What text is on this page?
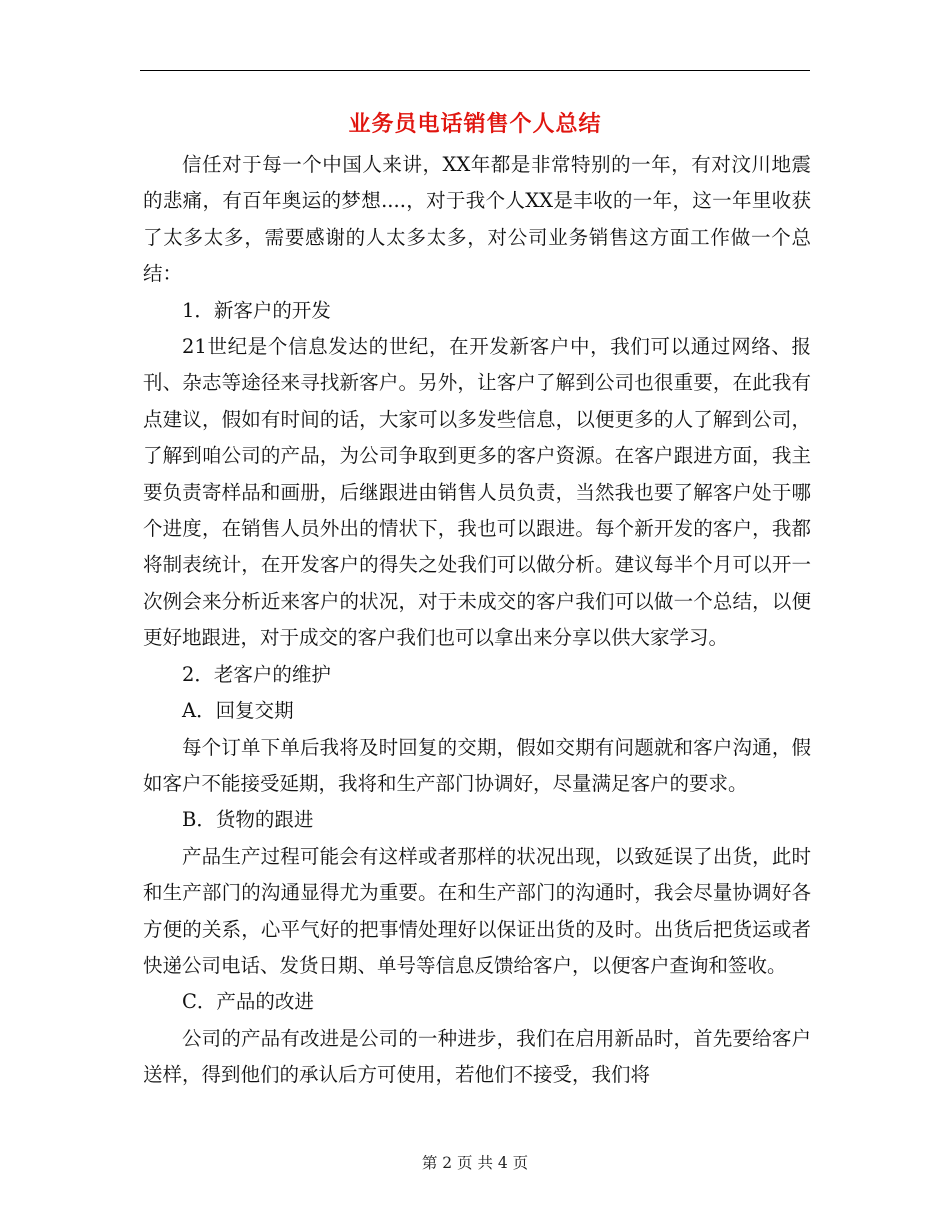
业务员电话销售个人总结

信任对于每一个中国人来讲，XX年都是非常特别的一年，有对汶川地震的悲痛，有百年奥运的梦想....，对于我个人XX是丰收的一年，这一年里收获了太多太多，需要感谢的人太多太多，对公司业务销售这方面工作做一个总结：

1．新客户的开发

21世纪是个信息发达的世纪，在开发新客户中，我们可以通过网络、报刊、杂志等途径来寻找新客户。另外，让客户了解到公司也很重要，在此我有点建议，假如有时间的话，大家可以多发些信息，以便更多的人了解到公司，了解到咱公司的产品，为公司争取到更多的客户资源。在客户跟进方面，我主要负责寄样品和画册，后继跟进由销售人员负责，当然我也要了解客户处于哪个进度，在销售人员外出的情状下，我也可以跟进。每个新开发的客户，我都将制表统计，在开发客户的得失之处我们可以做分析。建议每半个月可以开一次例会来分析近来客户的状况，对于未成交的客户我们可以做一个总结，以便更好地跟进，对于成交的客户我们也可以拿出来分享以供大家学习。

2．老客户的维护

A．回复交期

每个订单下单后我将及时回复的交期，假如交期有问题就和客户沟通，假如客户不能接受延期，我将和生产部门协调好，尽量满足客户的要求。

B．货物的跟进

产品生产过程可能会有这样或者那样的状况出现，以致延误了出货，此时和生产部门的沟通显得尤为重要。在和生产部门的沟通时，我会尽量协调好各方便的关系，心平气好的把事情处理好以保证出货的及时。出货后把货运或者快递公司电话、发货日期、单号等信息反馈给客户，以便客户查询和签收。

C．产品的改进

公司的产品有改进是公司的一种进步，我们在启用新品时，首先要给客户送样，得到他们的承认后方可使用，若他们不接受，我们将

第 2 页 共 4 页
